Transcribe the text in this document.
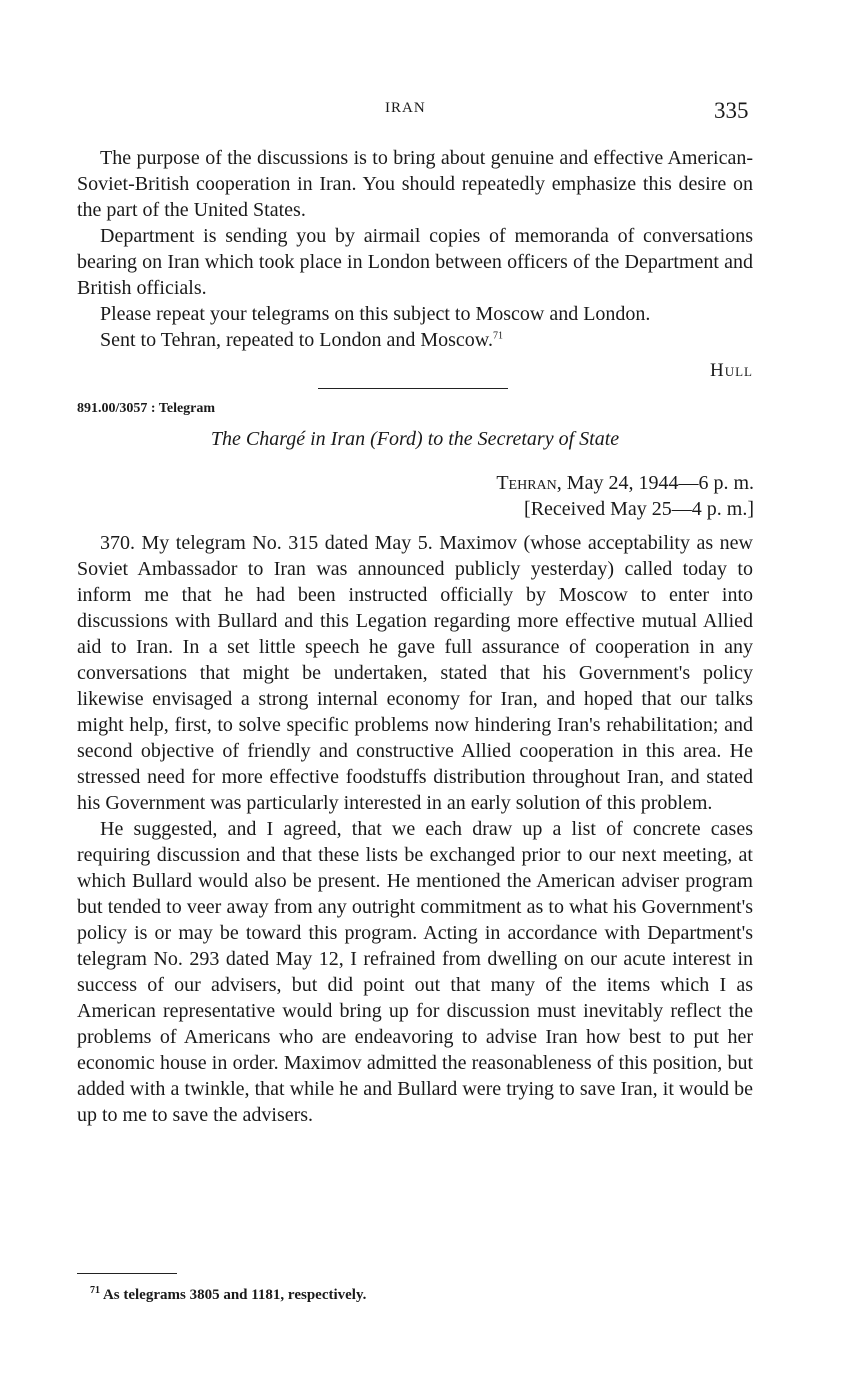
IRAN	335

The purpose of the discussions is to bring about genuine and effective American-Soviet-British cooperation in Iran. You should repeatedly emphasize this desire on the part of the United States.

Department is sending you by airmail copies of memoranda of conversations bearing on Iran which took place in London between officers of the Department and British officials.

Please repeat your telegrams on this subject to Moscow and London.

Sent to Tehran, repeated to London and Moscow.$^{71}$

Hull
891.00/3057 : Telegram
The Chargé in Iran (Ford) to the Secretary of State
Tehran, May 24, 1944—6 p. m.
[Received May 25—4 p. m.]

370. My telegram No. 315 dated May 5. Maximov (whose acceptability as new Soviet Ambassador to Iran was announced publicly yesterday) called today to inform me that he had been instructed officially by Moscow to enter into discussions with Bullard and this Legation regarding more effective mutual Allied aid to Iran. In a set little speech he gave full assurance of cooperation in any conversations that might be undertaken, stated that his Government's policy likewise envisaged a strong internal economy for Iran, and hoped that our talks might help, first, to solve specific problems now hindering Iran's rehabilitation; and second objective of friendly and constructive Allied cooperation in this area. He stressed need for more effective foodstuffs distribution throughout Iran, and stated his Government was particularly interested in an early solution of this problem.

He suggested, and I agreed, that we each draw up a list of concrete cases requiring discussion and that these lists be exchanged prior to our next meeting, at which Bullard would also be present. He mentioned the American adviser program but tended to veer away from any outright commitment as to what his Government's policy is or may be toward this program. Acting in accordance with Department's telegram No. 293 dated May 12, I refrained from dwelling on our acute interest in success of our advisers, but did point out that many of the items which I as American representative would bring up for discussion must inevitably reflect the problems of Americans who are endeavoring to advise Iran how best to put her economic house in order. Maximov admitted the reasonableness of this position, but added with a twinkle, that while he and Bullard were trying to save Iran, it would be up to me to save the advisers.

$^{71}$ As telegrams 3805 and 1181, respectively.
